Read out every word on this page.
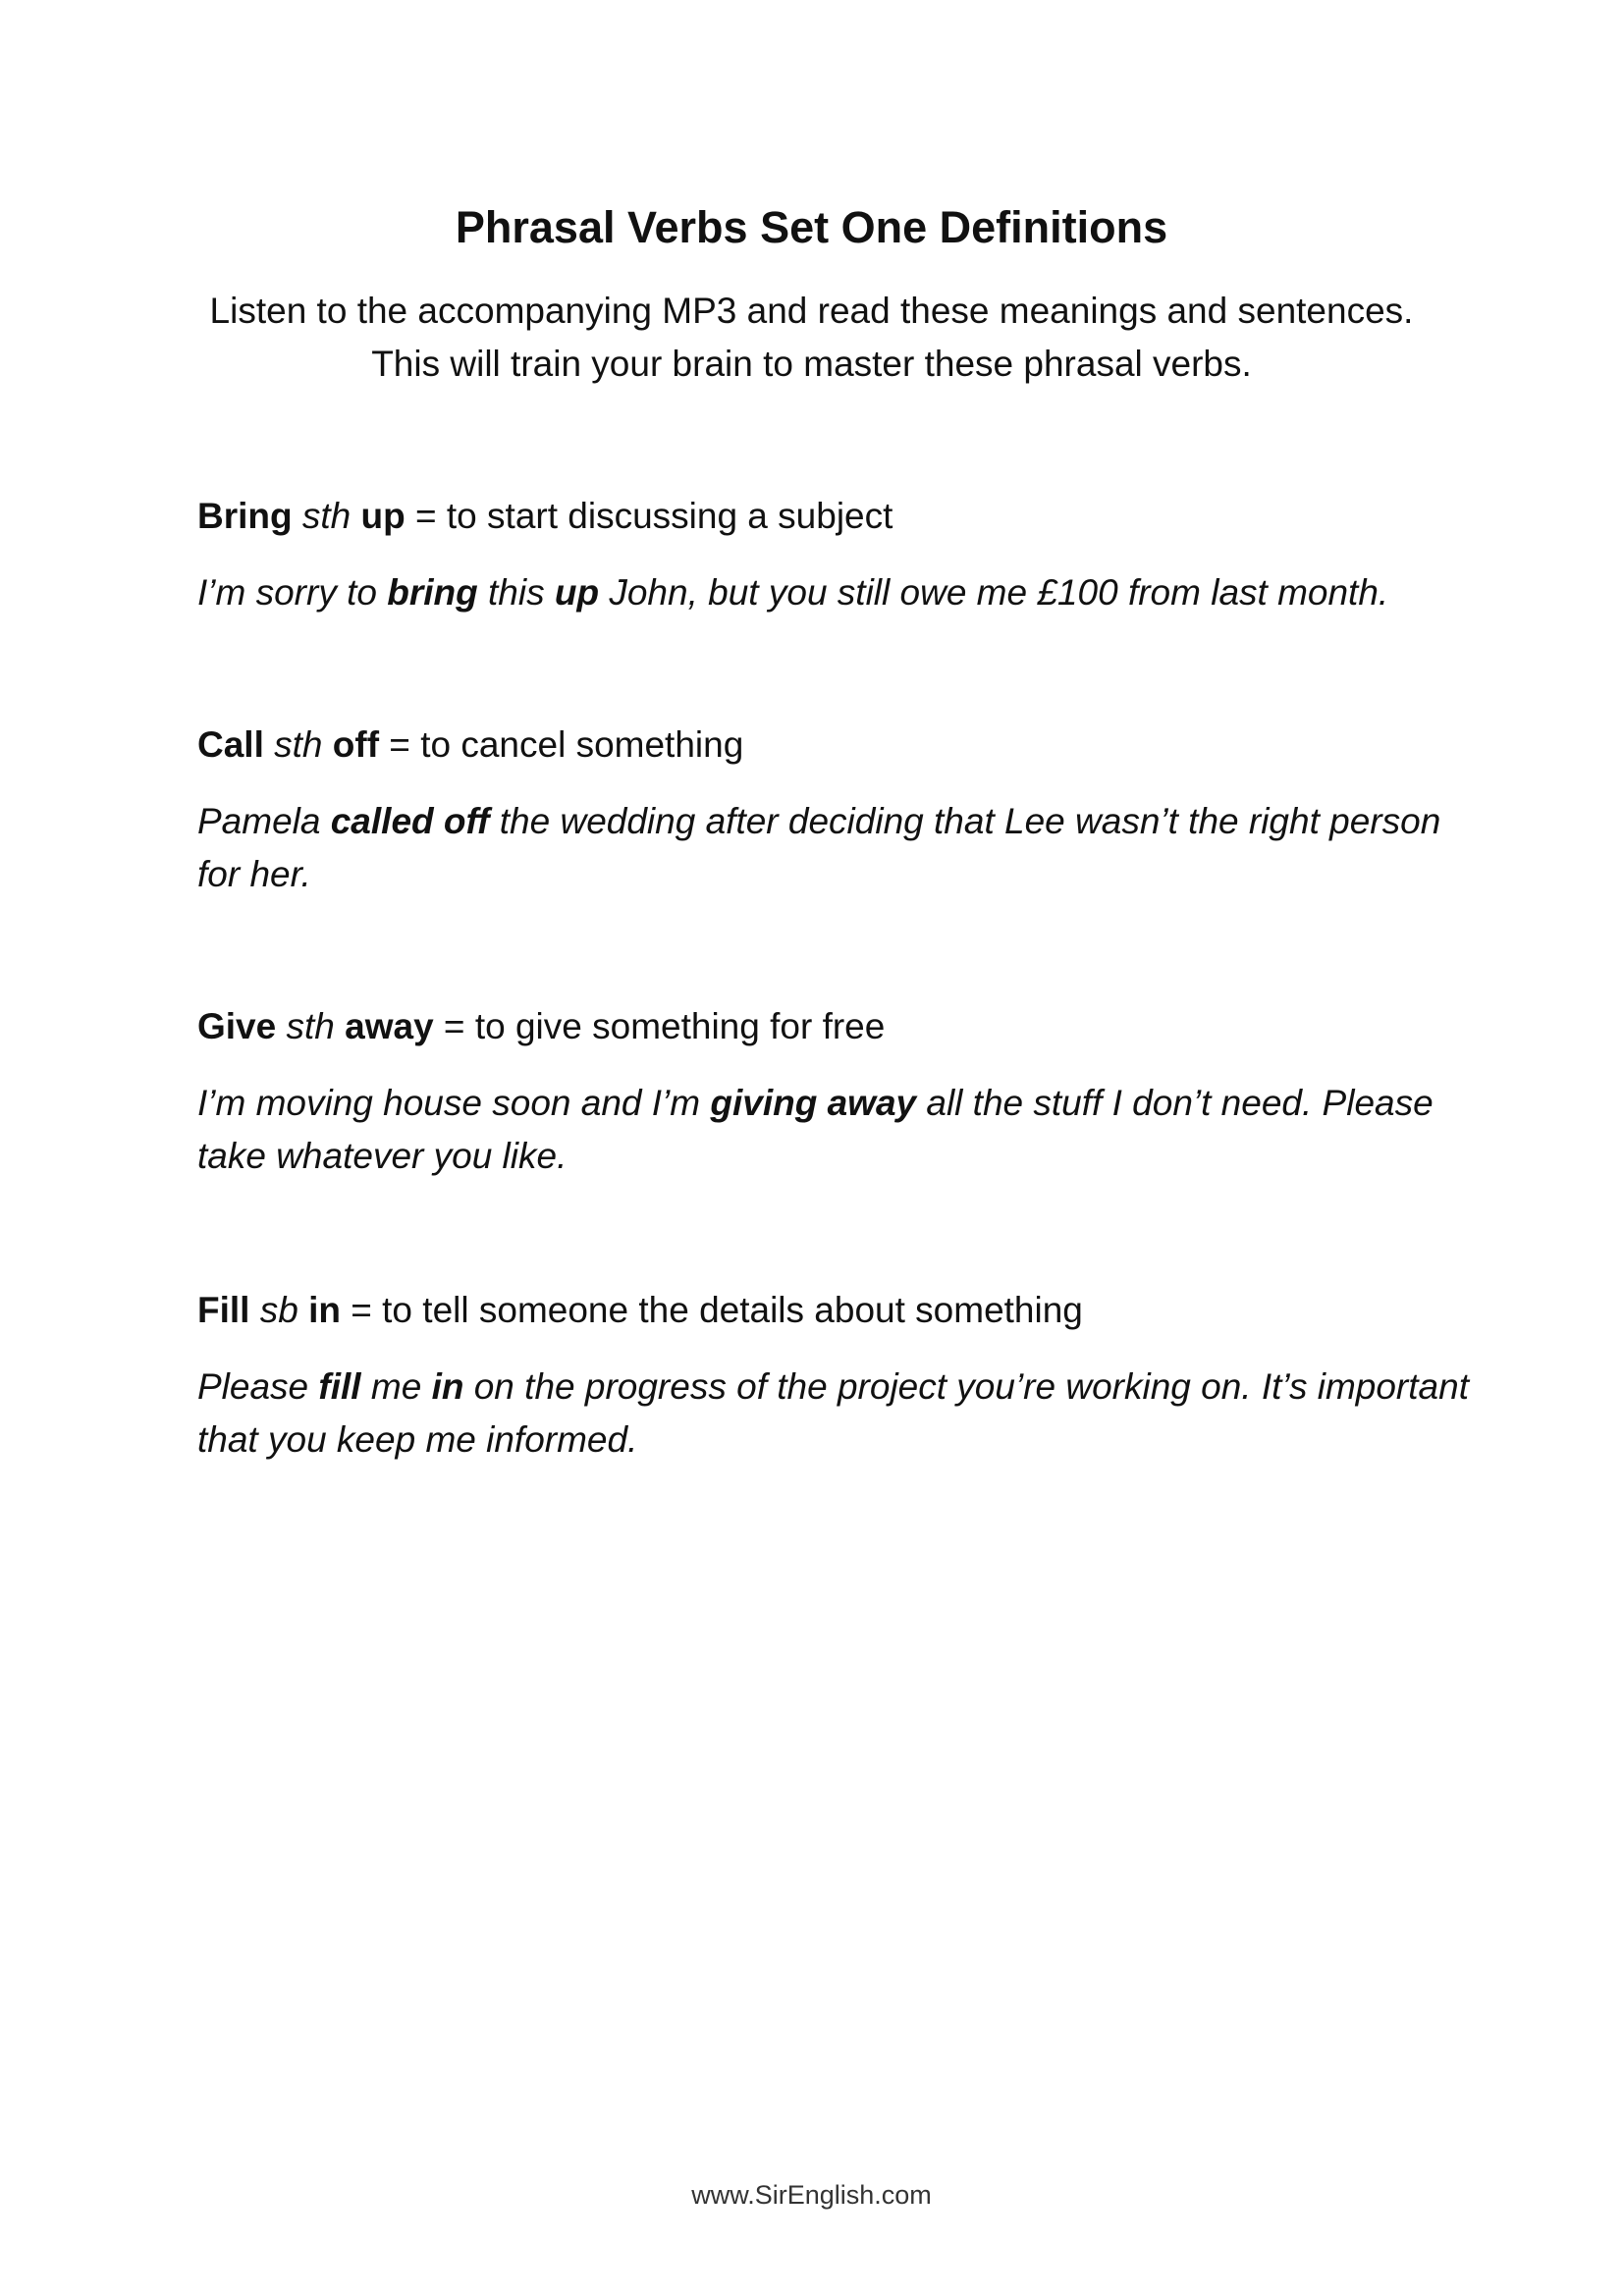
Phrasal Verbs Set One Definitions

Listen to the accompanying MP3 and read these meanings and sentences.
This will train your brain to master these phrasal verbs.

Bring sth up = to start discussing a subject

I’m sorry to bring this up John, but you still owe me £100 from last month.

Call sth off = to cancel something

Pamela called off the wedding after deciding that Lee wasn’t the right person for her.

Give sth away = to give something for free

I’m moving house soon and I’m giving away all the stuff I don’t need. Please take whatever you like.

Fill sb in = to tell someone the details about something

Please fill me in on the progress of the project you’re working on. It’s important that you keep me informed.

www.SirEnglish.com
